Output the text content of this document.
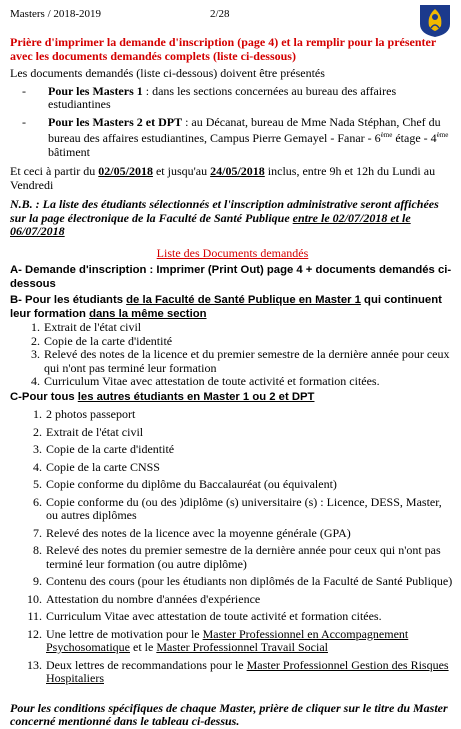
Masters / 2018-2019	2/28

Prière d'imprimer la demande d'inscription (page 4) et la remplir pour la présenter avec les documents demandés complets (liste ci-dessous)

Les documents demandés (liste ci-dessous) doivent être présentés

-	Pour les Masters 1 : dans les sections concernées au bureau des affaires estudiantines
-	Pour les Masters 2 et DPT : au Décanat, bureau de Mme Nada Stéphan, Chef du bureau des affaires estudiantines, Campus Pierre Gemayel - Fanar - 6ème étage - 4ème bâtiment

Et ceci à partir du 02/05/2018 et jusqu'au 24/05/2018 inclus, entre 9h et 12h du Lundi au Vendredi

N.B. : La liste des étudiants sélectionnés et l'inscription administrative seront affichées sur la page électronique de la Faculté de Santé Publique entre le 02/07/2018 et le 06/07/2018

Liste des Documents demandés

A- Demande d'inscription : Imprimer (Print Out) page 4 + documents demandés ci-dessous

B- Pour les étudiants de la Faculté de Santé Publique en Master 1 qui continuent leur formation dans la même section

1. Extrait de l'état civil
2. Copie de la carte d'identité
3. Relevé des notes de la licence et du premier semestre de la dernière année pour ceux qui n'ont pas terminé leur formation
4. Curriculum Vitae avec attestation de toute activité et formation citées.

C-Pour tous les autres étudiants en Master 1 ou 2 et DPT

1. 2 photos passeport
2. Extrait de l'état civil
3. Copie de la carte d'identité
4. Copie de la carte CNSS
5. Copie conforme du diplôme du Baccalauréat (ou équivalent)
6. Copie conforme du (ou des )diplôme (s) universitaire (s) : Licence, DESS, Master, ou autres diplômes
7. Relevé des notes de la licence avec la moyenne générale (GPA)
8. Relevé des notes du premier semestre de la dernière année pour ceux qui n'ont pas terminé leur formation (ou autre diplôme)
9. Contenu des cours (pour les étudiants non diplômés de la Faculté de Santé Publique)
10. Attestation du nombre d'années d'expérience
11. Curriculum Vitae avec attestation de toute activité et formation citées.
12. Une lettre de motivation pour le Master Professionnel en Accompagnement Psychosomatique et le Master Professionnel Travail Social
13. Deux lettres de recommandations pour le Master Professionnel Gestion des Risques Hospitaliers

Pour les conditions spécifiques de chaque Master, prière de cliquer sur le titre du Master concerné mentionné dans le tableau ci-dessus.
